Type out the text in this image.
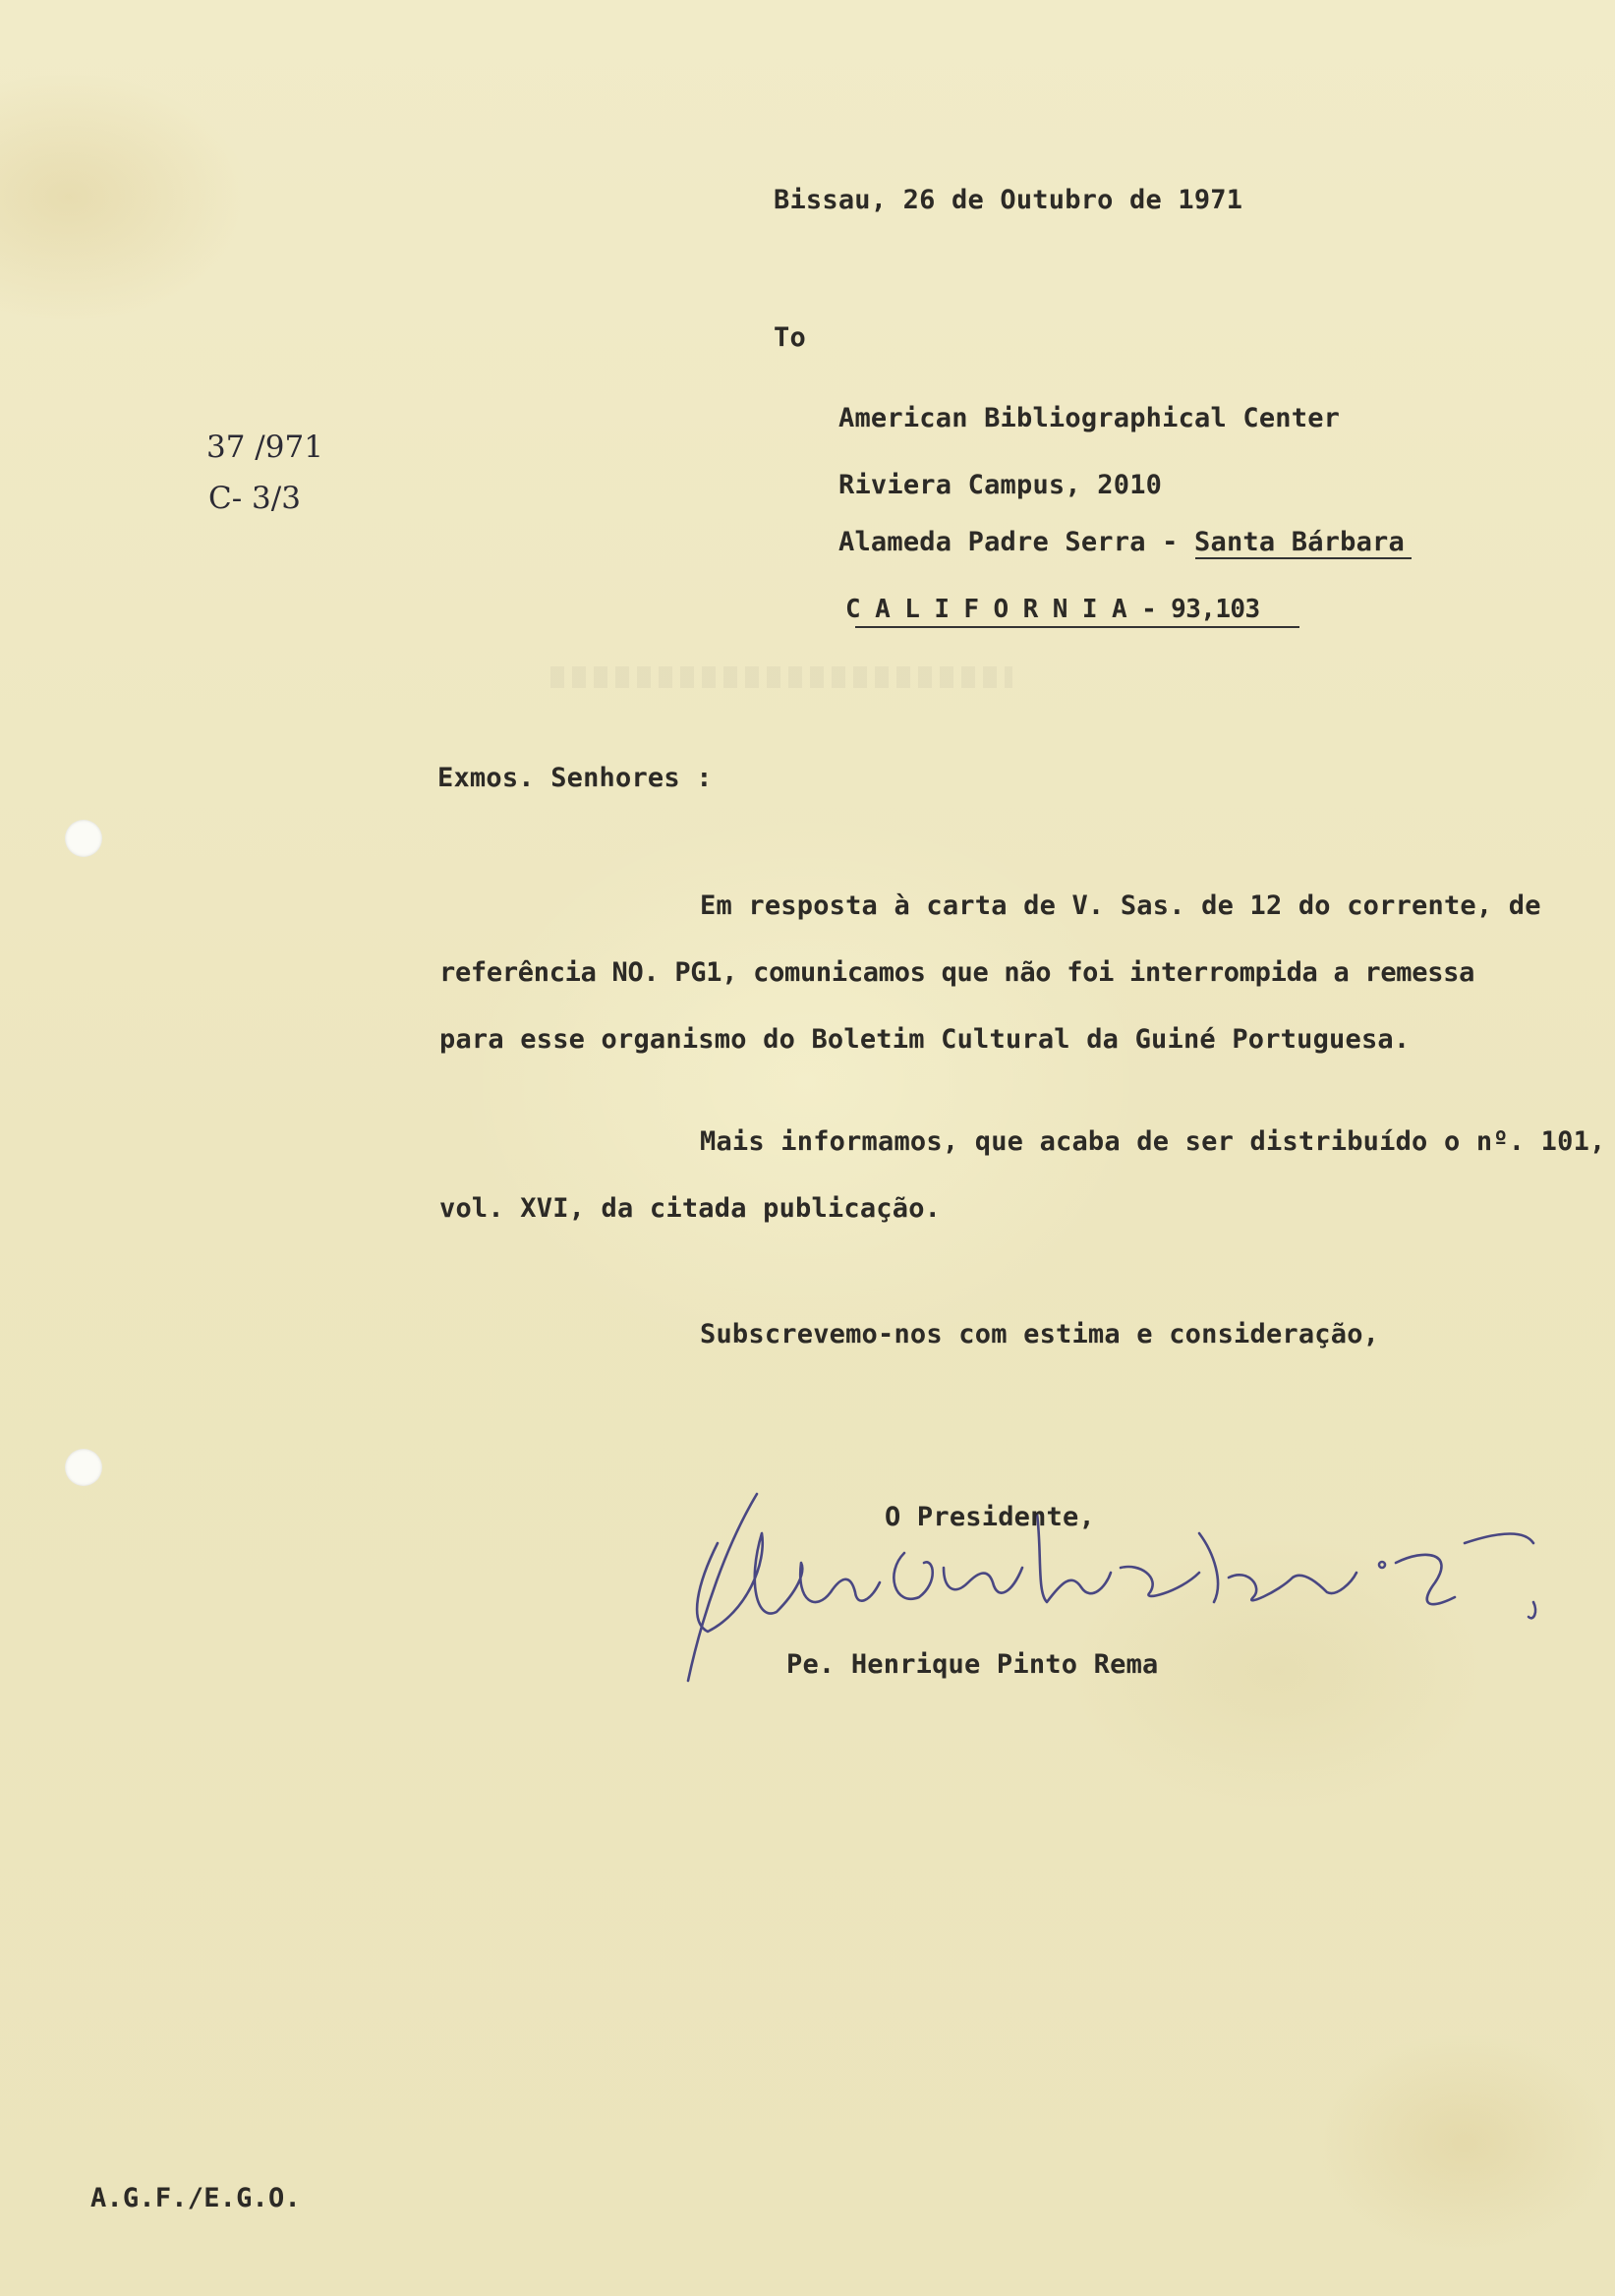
Bissau, 26 de Outubro de 1971
To
37 /971
C- 3/3
American Bibliographical Center
Riviera Campus, 2010
Alameda Padre Serra - Santa Bárbara
C A L I F O R N I A - 93,103
Exmos. Senhores :
Em resposta à carta de V. Sas. de 12 do corrente, de
referência NO. PG1, comunicamos que não foi interrompida a remessa
para esse organismo do Boletim Cultural da Guiné Portuguesa.
Mais informamos, que acaba de ser distribuído o nº. 101,
vol. XVI, da citada publicação.
Subscrevemo-nos com estima e consideração,
O Presidente,
Pe. Henrique Pinto Rema
A.G.F./E.G.O.
